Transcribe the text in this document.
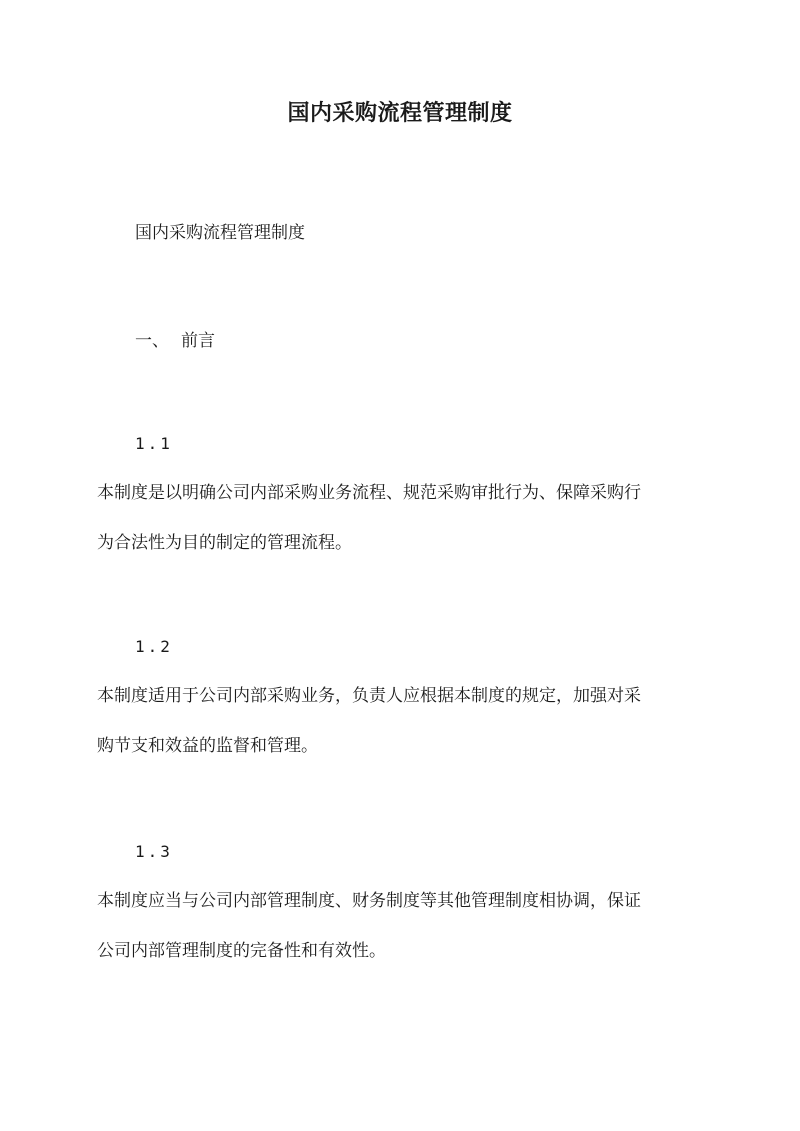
国内采购流程管理制度
国内采购流程管理制度
一、 前言
1.1
本制度是以明确公司内部采购业务流程、规范采购审批行为、保障采购行
为合法性为目的制定的管理流程。
1.2
本制度适用于公司内部采购业务，负责人应根据本制度的规定，加强对采
购节支和效益的监督和管理。
1.3
本制度应当与公司内部管理制度、财务制度等其他管理制度相协调，保证
公司内部管理制度的完备性和有效性。
